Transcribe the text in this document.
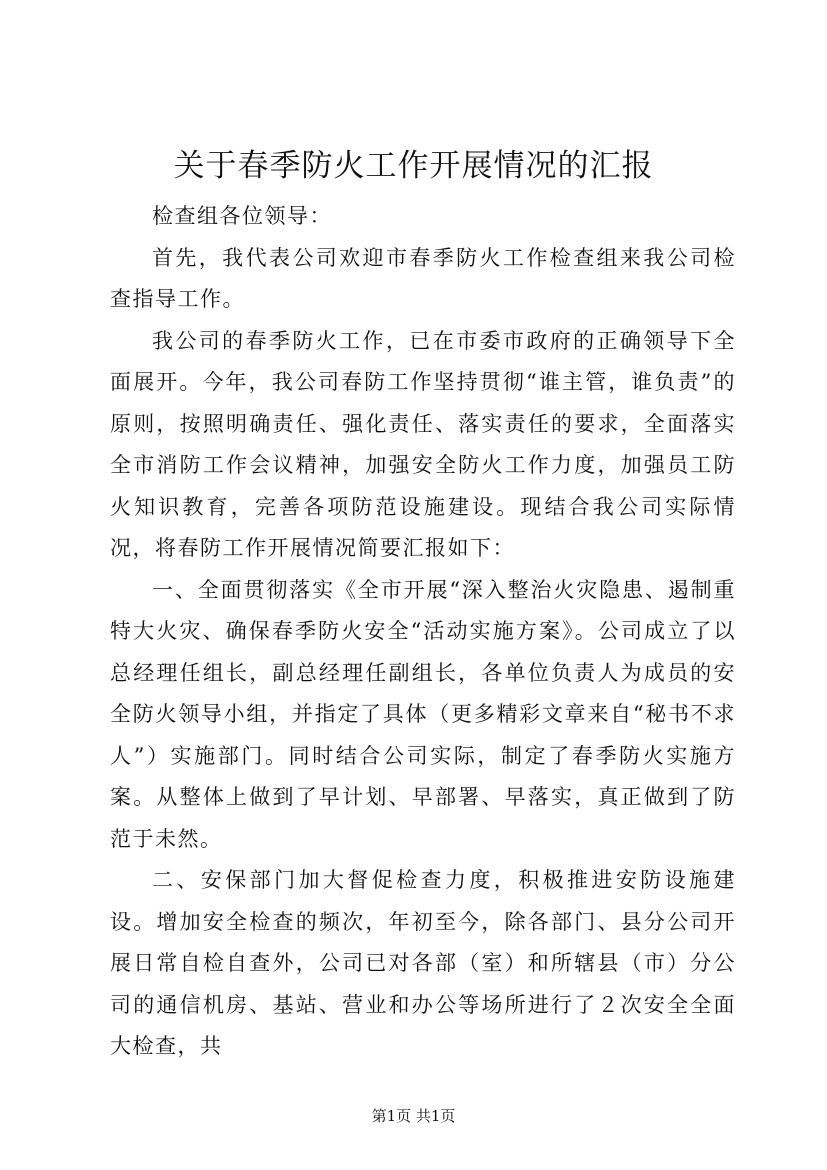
关于春季防火工作开展情况的汇报

检查组各位领导：

首先，我代表公司欢迎市春季防火工作检查组来我公司检查指导工作。

我公司的春季防火工作，已在市委市政府的正确领导下全面展开。今年，我公司春防工作坚持贯彻“谁主管，谁负责”的原则，按照明确责任、强化责任、落实责任的要求，全面落实全市消防工作会议精神，加强安全防火工作力度，加强员工防火知识教育，完善各项防范设施建设。现结合我公司实际情况，将春防工作开展情况简要汇报如下：

一、全面贯彻落实《全市开展“深入整治火灾隐患、遏制重特大火灾、确保春季防火安全“活动实施方案》。公司成立了以总经理任组长，副总经理任副组长，各单位负责人为成员的安全防火领导小组，并指定了具体（更多精彩文章来自“秘书不求人”）实施部门。同时结合公司实际，制定了春季防火实施方案。从整体上做到了早计划、早部署、早落实，真正做到了防范于未然。

二、安保部门加大督促检查力度，积极推进安防设施建设。增加安全检查的频次，年初至今，除各部门、县分公司开展日常自检自查外，公司已对各部（室）和所辖县（市）分公司的通信机房、基站、营业和办公等场所进行了２次安全全面大检查，共

第1页 共1页
